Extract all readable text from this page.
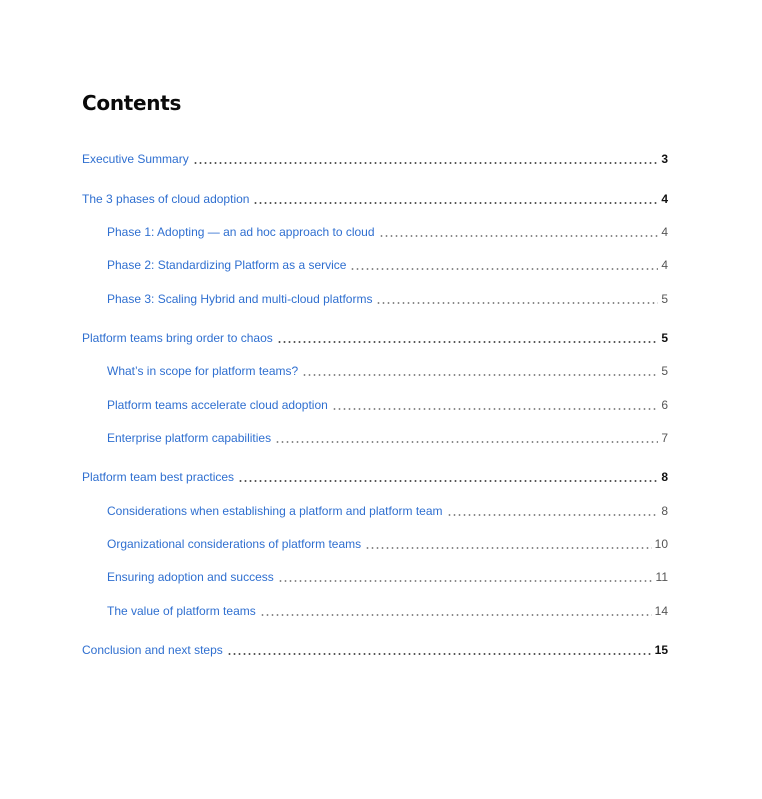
Contents
Executive Summary	3
The 3 phases of cloud adoption	4
Phase 1: Adopting — an ad hoc approach to cloud	4
Phase 2: Standardizing Platform as a service	4
Phase 3: Scaling Hybrid and multi-cloud platforms	5
Platform teams bring order to chaos	5
What’s in scope for platform teams?	5
Platform teams accelerate cloud adoption	6
Enterprise platform capabilities	7
Platform team best practices	8
Considerations when establishing a platform and platform team	8
Organizational considerations of platform teams	10
Ensuring adoption and success	11
The value of platform teams	14
Conclusion and next steps	15
